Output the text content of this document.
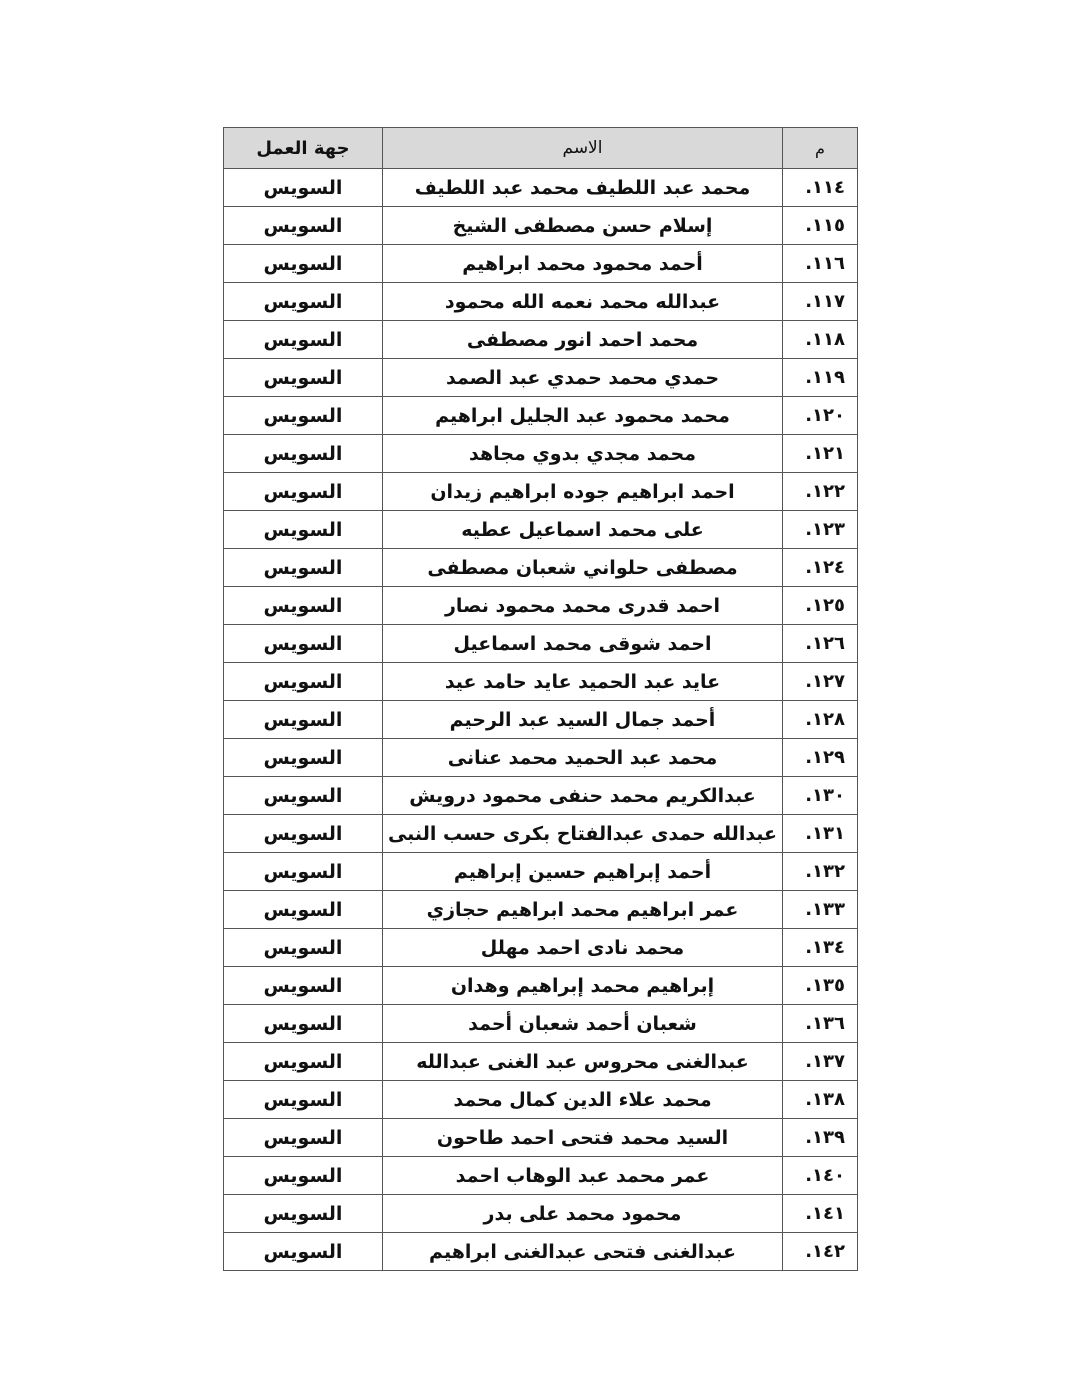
م	الاسم	جهة العمل
١١٤.	محمد عبد اللطيف محمد عبد اللطيف	السويس
١١٥.	إسلام حسن مصطفى الشيخ	السويس
١١٦.	أحمد محمود محمد ابراهيم	السويس
١١٧.	عبدالله محمد نعمه الله محمود	السويس
١١٨.	محمد احمد انور مصطفى	السويس
١١٩.	حمدي محمد حمدي عبد الصمد	السويس
١٢٠.	محمد محمود عبد الجليل ابراهيم	السويس
١٢١.	محمد مجدي بدوي مجاهد	السويس
١٢٢.	احمد ابراهيم جوده ابراهيم زيدان	السويس
١٢٣.	على محمد اسماعيل عطيه	السويس
١٢٤.	مصطفى حلواني شعبان مصطفى	السويس
١٢٥.	احمد قدرى محمد محمود نصار	السويس
١٢٦.	احمد شوقى محمد اسماعيل	السويس
١٢٧.	عايد عبد الحميد عايد حامد عيد	السويس
١٢٨.	أحمد جمال السيد عبد الرحيم	السويس
١٢٩.	محمد عبد الحميد محمد عنانى	السويس
١٣٠.	عبدالكريم محمد حنفى محمود درويش	السويس
١٣١.	عبدالله حمدى عبدالفتاح بكرى حسب النبى	السويس
١٣٢.	أحمد إبراهيم حسين إبراهيم	السويس
١٣٣.	عمر ابراهيم محمد ابراهيم حجازي	السويس
١٣٤.	محمد نادى احمد مهلل	السويس
١٣٥.	إبراهيم محمد إبراهيم وهدان	السويس
١٣٦.	شعبان أحمد شعبان أحمد	السويس
١٣٧.	عبدالغنى محروس عبد الغنى عبدالله	السويس
١٣٨.	محمد علاء الدين كمال محمد	السويس
١٣٩.	السيد محمد فتحى احمد طاحون	السويس
١٤٠.	عمر محمد عبد الوهاب احمد	السويس
١٤١.	محمود محمد على بدر	السويس
١٤٢.	عبدالغنى فتحى عبدالغنى ابراهيم	السويس
